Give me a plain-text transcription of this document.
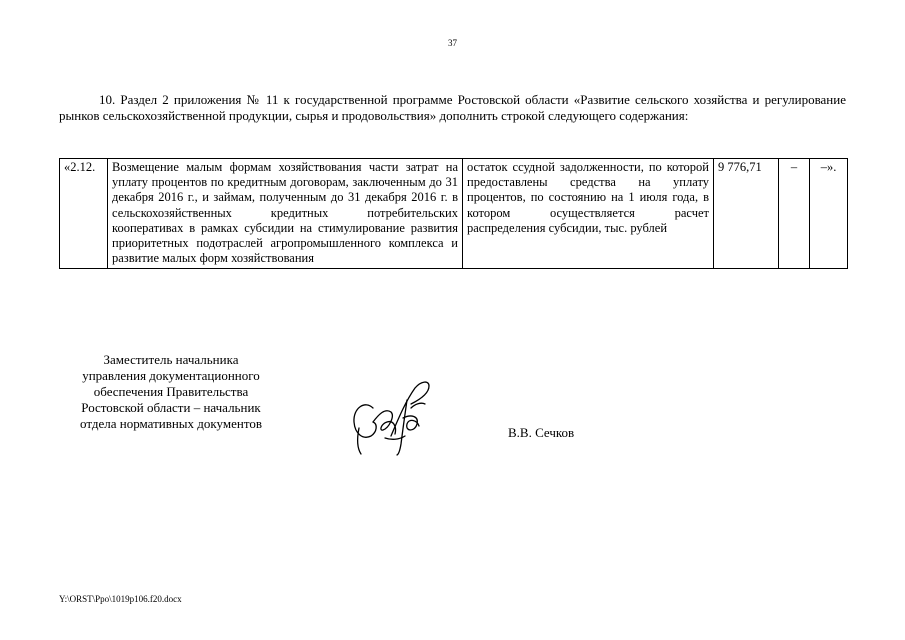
37

10. Раздел 2 приложения № 11 к государственной программе Ростовской области «Развитие сельского хозяйства и регулирование рынков сельскохозяйственной продукции, сырья и продовольствия» дополнить строкой следующего содержания:

«2.12.	Возмещение малым формам хозяйствования части затрат на уплату процентов по кредитным договорам, заключенным до 31 декабря 2016 г., и займам, полученным до 31 декабря 2016 г. в сельскохозяйственных кредитных потребительских кооперативах в рамках субсидии на стимулирование развития приоритетных подотраслей агропромышленного комплекса и развитие малых форм хозяйствования	остаток ссудной задолженности, по которой предоставлены средства на уплату процентов, по состоянию на 1 июля года, в котором осуществляется расчет распределения субсидии, тыс. рублей	9 776,71	–	–».
Заместитель начальника
управления документационного
обеспечения Правительства
Ростовской области – начальник
отдела нормативных документов
В.В. Сечков
Y:\ORST\Ppo\1019p106.f20.docx
